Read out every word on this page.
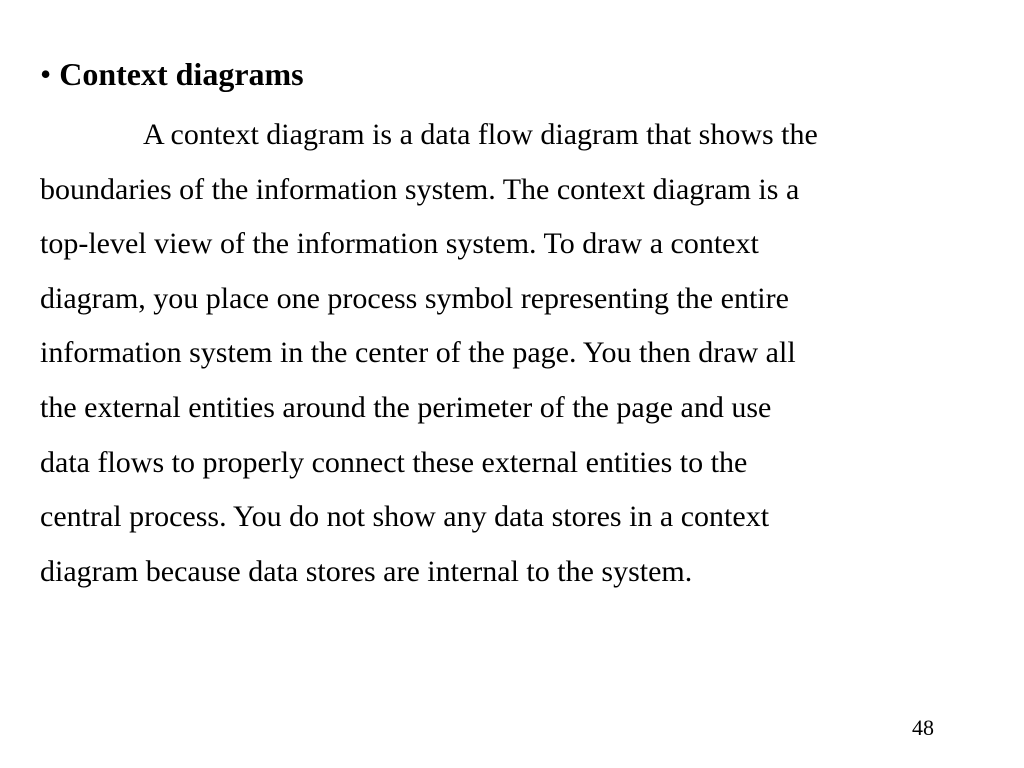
• Context diagrams
A context diagram is a data flow diagram that shows the
boundaries of the information system. The context diagram is a
top-level view of the information system. To draw a context
diagram, you place one process symbol representing the entire
information system in the center of the page. You then draw all
the external entities around the perimeter of the page and use
data flows to properly connect these external entities to the
central process. You do not show any data stores in a context
diagram because data stores are internal to the system.
48
